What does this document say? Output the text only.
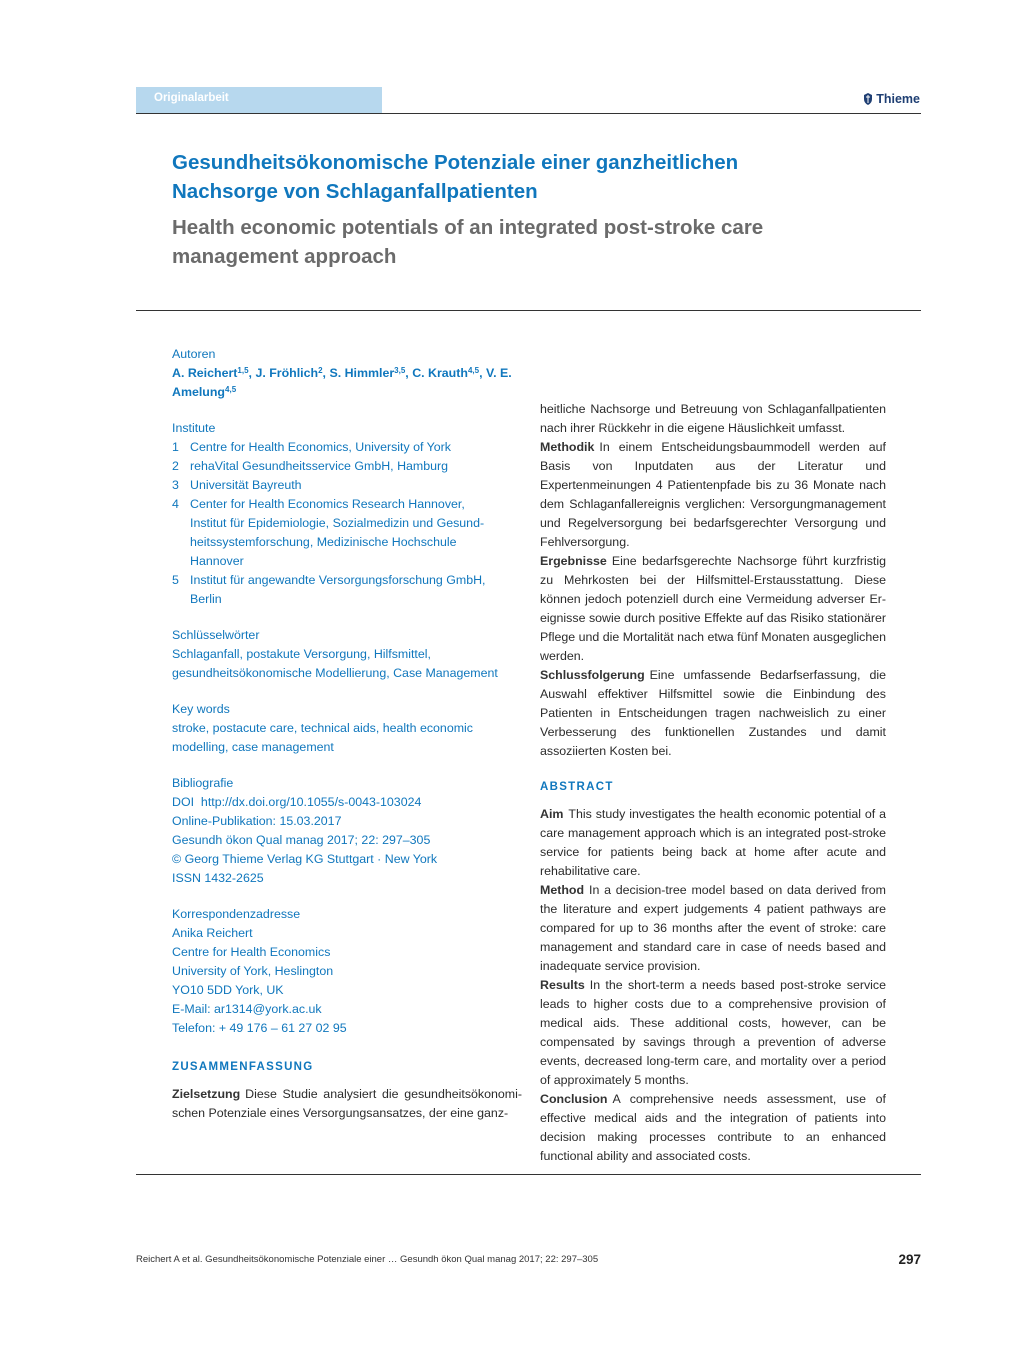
Originalarbeit	Thieme
Gesundheitsökonomische Potenziale einer ganzheitlichen
Nachsorge von Schlaganfallpatienten
Health economic potentials of an integrated post-stroke care
management approach
Autoren
A. Reichert$^{1,5}$, J. Fröhlich$^2$, S. Himmler$^{3,5}$, C. Krauth$^{4,5}$, V. E. Amelung$^{4,5}$
Institute
1 Centre for Health Economics, University of York
2 rehaVital Gesundheitsservice GmbH, Hamburg
3 Universität Bayreuth
4 Center for Health Economics Research Hannover, Institut für Epidemiologie, Sozialmedizin und Gesundheitssystemforschung, Medizinische Hochschule Hannover
5 Institut für angewandte Versorgungsforschung GmbH, Berlin
Schlüsselwörter
Schlaganfall, postakute Versorgung, Hilfsmittel, gesundheitsökonomische Modellierung, Case Management
Key words
stroke, postacute care, technical aids, health economic modelling, case management
Bibliografie
DOI http://dx.doi.org/10.1055/s-0043-103024
Online-Publikation: 15.03.2017
Gesundh ökon Qual manag 2017; 22: 297–305
© Georg Thieme Verlag KG Stuttgart · New York
ISSN 1432-2625
Korrespondenzadresse
Anika Reichert
Centre for Health Economics
University of York, Heslington
YO10 5DD York, UK
E-Mail: ar1314@york.ac.uk
Telefon: + 49 176 – 61 27 02 95
ZUSAMMENFASSUNG
Zielsetzung Diese Studie analysiert die gesundheitsökonomischen Potenziale eines Versorgungsansatzes, der eine ganz-
heitliche Nachsorge und Betreuung von Schlaganfallpatienten nach ihrer Rückkehr in die eigene Häuslichkeit umfasst.
Methodik In einem Entscheidungsbaummodell werden auf Basis von Inputdaten aus der Literatur und Expertenmeinungen 4 Patientenpfade bis zu 36 Monate nach dem Schlaganfallereignis verglichen: Versorgungmanagement und Regelversorgung bei bedarfsgerechter Versorgung und Fehlversorgung.
Ergebnisse Eine bedarfsgerechte Nachsorge führt kurzfristig zu Mehrkosten bei der Hilfsmittel-Erstausstattung. Diese können jedoch potenziell durch eine Vermeidung adverser Ereignisse sowie durch positive Effekte auf das Risiko stationärer Pflege und die Mortalität nach etwa fünf Monaten ausgeglichen werden.
Schlussfolgerung Eine umfassende Bedarfserfassung, die Auswahl effektiver Hilfsmittel sowie die Einbindung des Patienten in Entscheidungen tragen nachweislich zu einer Verbesserung des funktionellen Zustandes und damit assoziierten Kosten bei.
ABSTRACT
Aim This study investigates the health economic potential of a care management approach which is an integrated post-stroke service for patients being back at home after acute and rehabilitative care.
Method In a decision-tree model based on data derived from the literature and expert judgements 4 patient pathways are compared for up to 36 months after the event of stroke: care management and standard care in case of needs based and inadequate service provision.
Results In the short-term a needs based post-stroke service leads to higher costs due to a comprehensive provision of medical aids. These additional costs, however, can be compensated by savings through a prevention of adverse events, decreased long-term care, and mortality over a period of approximately 5 months.
Conclusion A comprehensive needs assessment, use of effective medical aids and the integration of patients into decision making processes contribute to an enhanced functional ability and associated costs.
Reichert A et al. Gesundheitsökonomische Potenziale einer … Gesundh ökon Qual manag 2017; 22: 297–305	297
